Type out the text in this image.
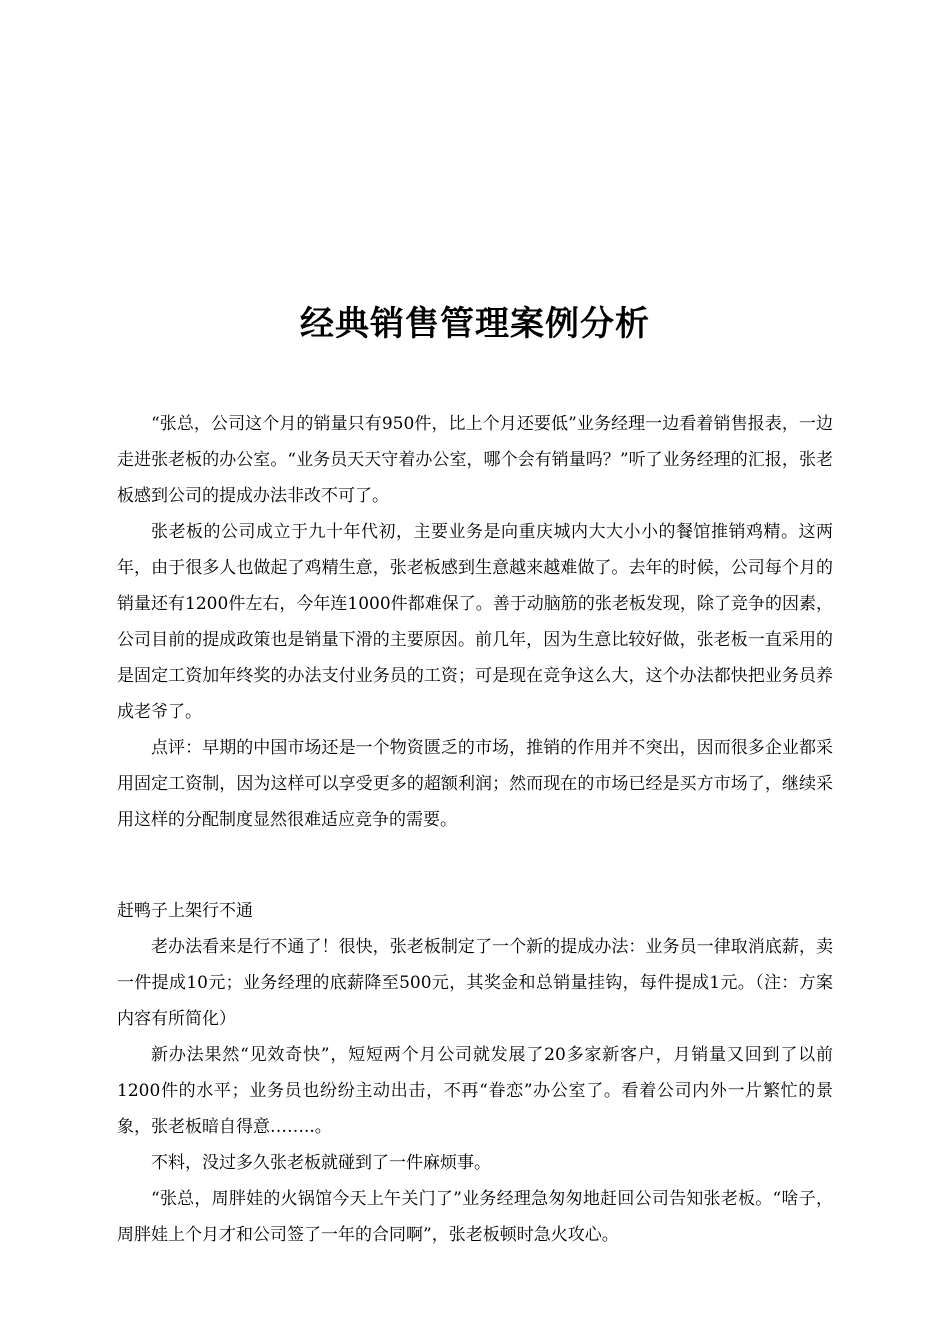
经典销售管理案例分析

“张总，公司这个月的销量只有950件，比上个月还要低”业务经理一边看着销售报表，一边走进张老板的办公室。“业务员天天守着办公室，哪个会有销量吗？”听了业务经理的汇报，张老板感到公司的提成办法非改不可了。

张老板的公司成立于九十年代初，主要业务是向重庆城内大大小小的餐馆推销鸡精。这两年，由于很多人也做起了鸡精生意，张老板感到生意越来越难做了。去年的时候，公司每个月的销量还有1200件左右，今年连1000件都难保了。善于动脑筋的张老板发现，除了竞争的因素，公司目前的提成政策也是销量下滑的主要原因。前几年，因为生意比较好做，张老板一直采用的是固定工资加年终奖的办法支付业务员的工资；可是现在竞争这么大，这个办法都快把业务员养成老爷了。

点评：早期的中国市场还是一个物资匮乏的市场，推销的作用并不突出，因而很多企业都采用固定工资制，因为这样可以享受更多的超额利润；然而现在的市场已经是买方市场了，继续采用这样的分配制度显然很难适应竞争的需要。

赶鸭子上架行不通

老办法看来是行不通了！很快，张老板制定了一个新的提成办法：业务员一律取消底薪，卖一件提成10元；业务经理的底薪降至500元，其奖金和总销量挂钩，每件提成1元。（注：方案内容有所简化）

新办法果然“见效奇快”，短短两个月公司就发展了20多家新客户，月销量又回到了以前1200件的水平；业务员也纷纷主动出击，不再“眷恋”办公室了。看着公司内外一片繁忙的景象，张老板暗自得意……..。

不料，没过多久张老板就碰到了一件麻烦事。

“张总，周胖娃的火锅馆今天上午关门了”业务经理急匆匆地赶回公司告知张老板。“啥子，周胖娃上个月才和公司签了一年的合同啊”，张老板顿时急火攻心。
